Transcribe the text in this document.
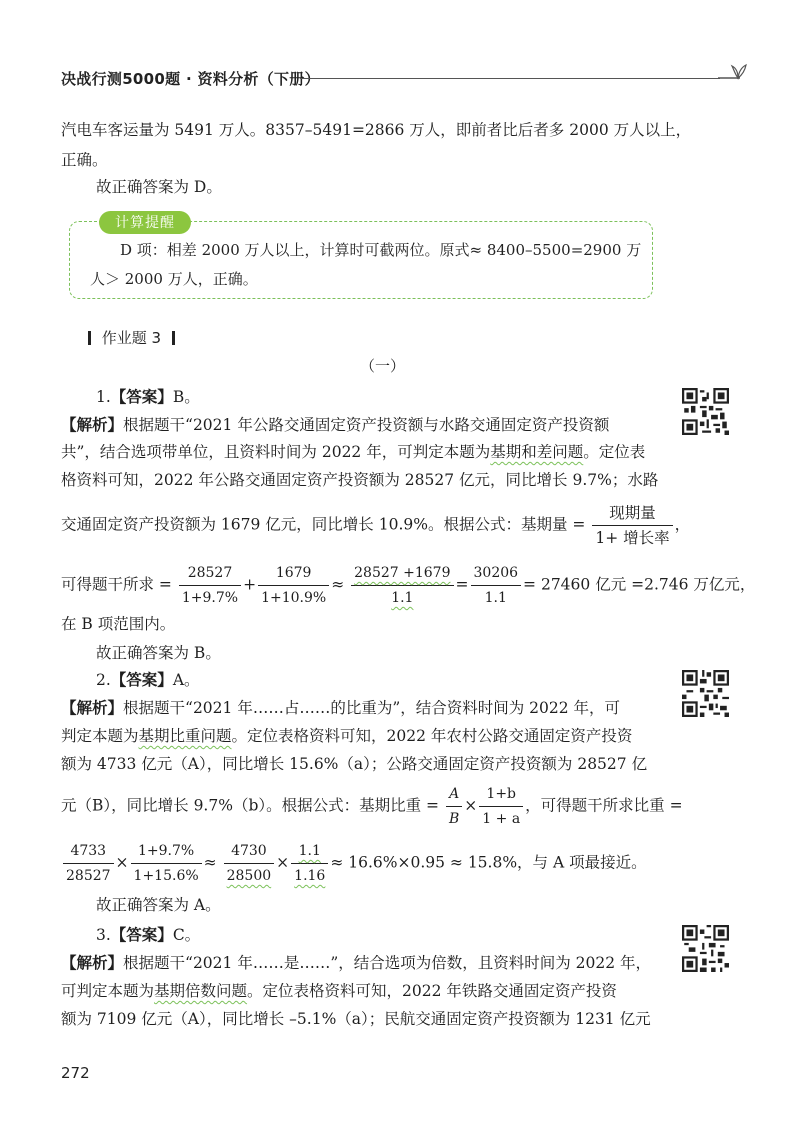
决战行测5000题 · 资料分析（下册）
汽电车客运量为 5491 万人。8357–5491=2866 万人，即前者比后者多 2000 万人以上，
正确。
故正确答案为 D。
计算提醒
D 项：相差 2000 万人以上，计算时可截两位。原式≈ 8400–5500=2900 万
人＞ 2000 万人，正确。
作业题 3
（一）
1.【答案】B。
【解析】根据题干“2021 年公路交通固定资产投资额与水路交通固定资产投资额
共”，结合选项带单位，且资料时间为 2022 年，可判定本题为基期和差问题。定位表
格资料可知，2022 年公路交通固定资产投资额为 28527 亿元，同比增长 9.7%；水路
交通固定资产投资额为 1679 亿元，同比增长 10.9%。根据公式：基期量 = $\frac{\text{现期量}}{\text{1+ 增长率}}$ ，
可得题干所求 = $\frac{28527}{1+9.7\%} + \frac{1679}{1+10.9\%} \approx \frac{28527 +1679}{1.1} = \frac{30206}{1.1} = 27460$ 亿元 =2.746 万亿元，
在 B 项范围内。
故正确答案为 B。
2.【答案】A。
【解析】根据题干“2021 年……占……的比重为”，结合资料时间为 2022 年，可
判定本题为基期比重问题。定位表格资料可知，2022 年农村公路交通固定资产投资
额为 4733 亿元（A），同比增长 15.6%（a）；公路交通固定资产投资额为 28527 亿
元（B），同比增长 9.7%（b）。根据公式：基期比重 = $\frac{A}{B} \times \frac{1+b}{1 + a}$ ，可得题干所求比重 =
$\frac{4733}{28527} \times \frac{1+9.7\%}{1+15.6\%} \approx \frac{4730}{28500} \times \frac{1.1}{1.16} \approx 16.6\%\times 0.95 \approx 15.8\%$，与 A 项最接近。
故正确答案为 A。
3.【答案】C。
【解析】根据题干“2021 年……是……”，结合选项为倍数，且资料时间为 2022 年，
可判定本题为基期倍数问题。定位表格资料可知，2022 年铁路交通固定资产投资
额为 7109 亿元（A），同比增长 –5.1%（a）；民航交通固定资产投资额为 1231 亿元
272
